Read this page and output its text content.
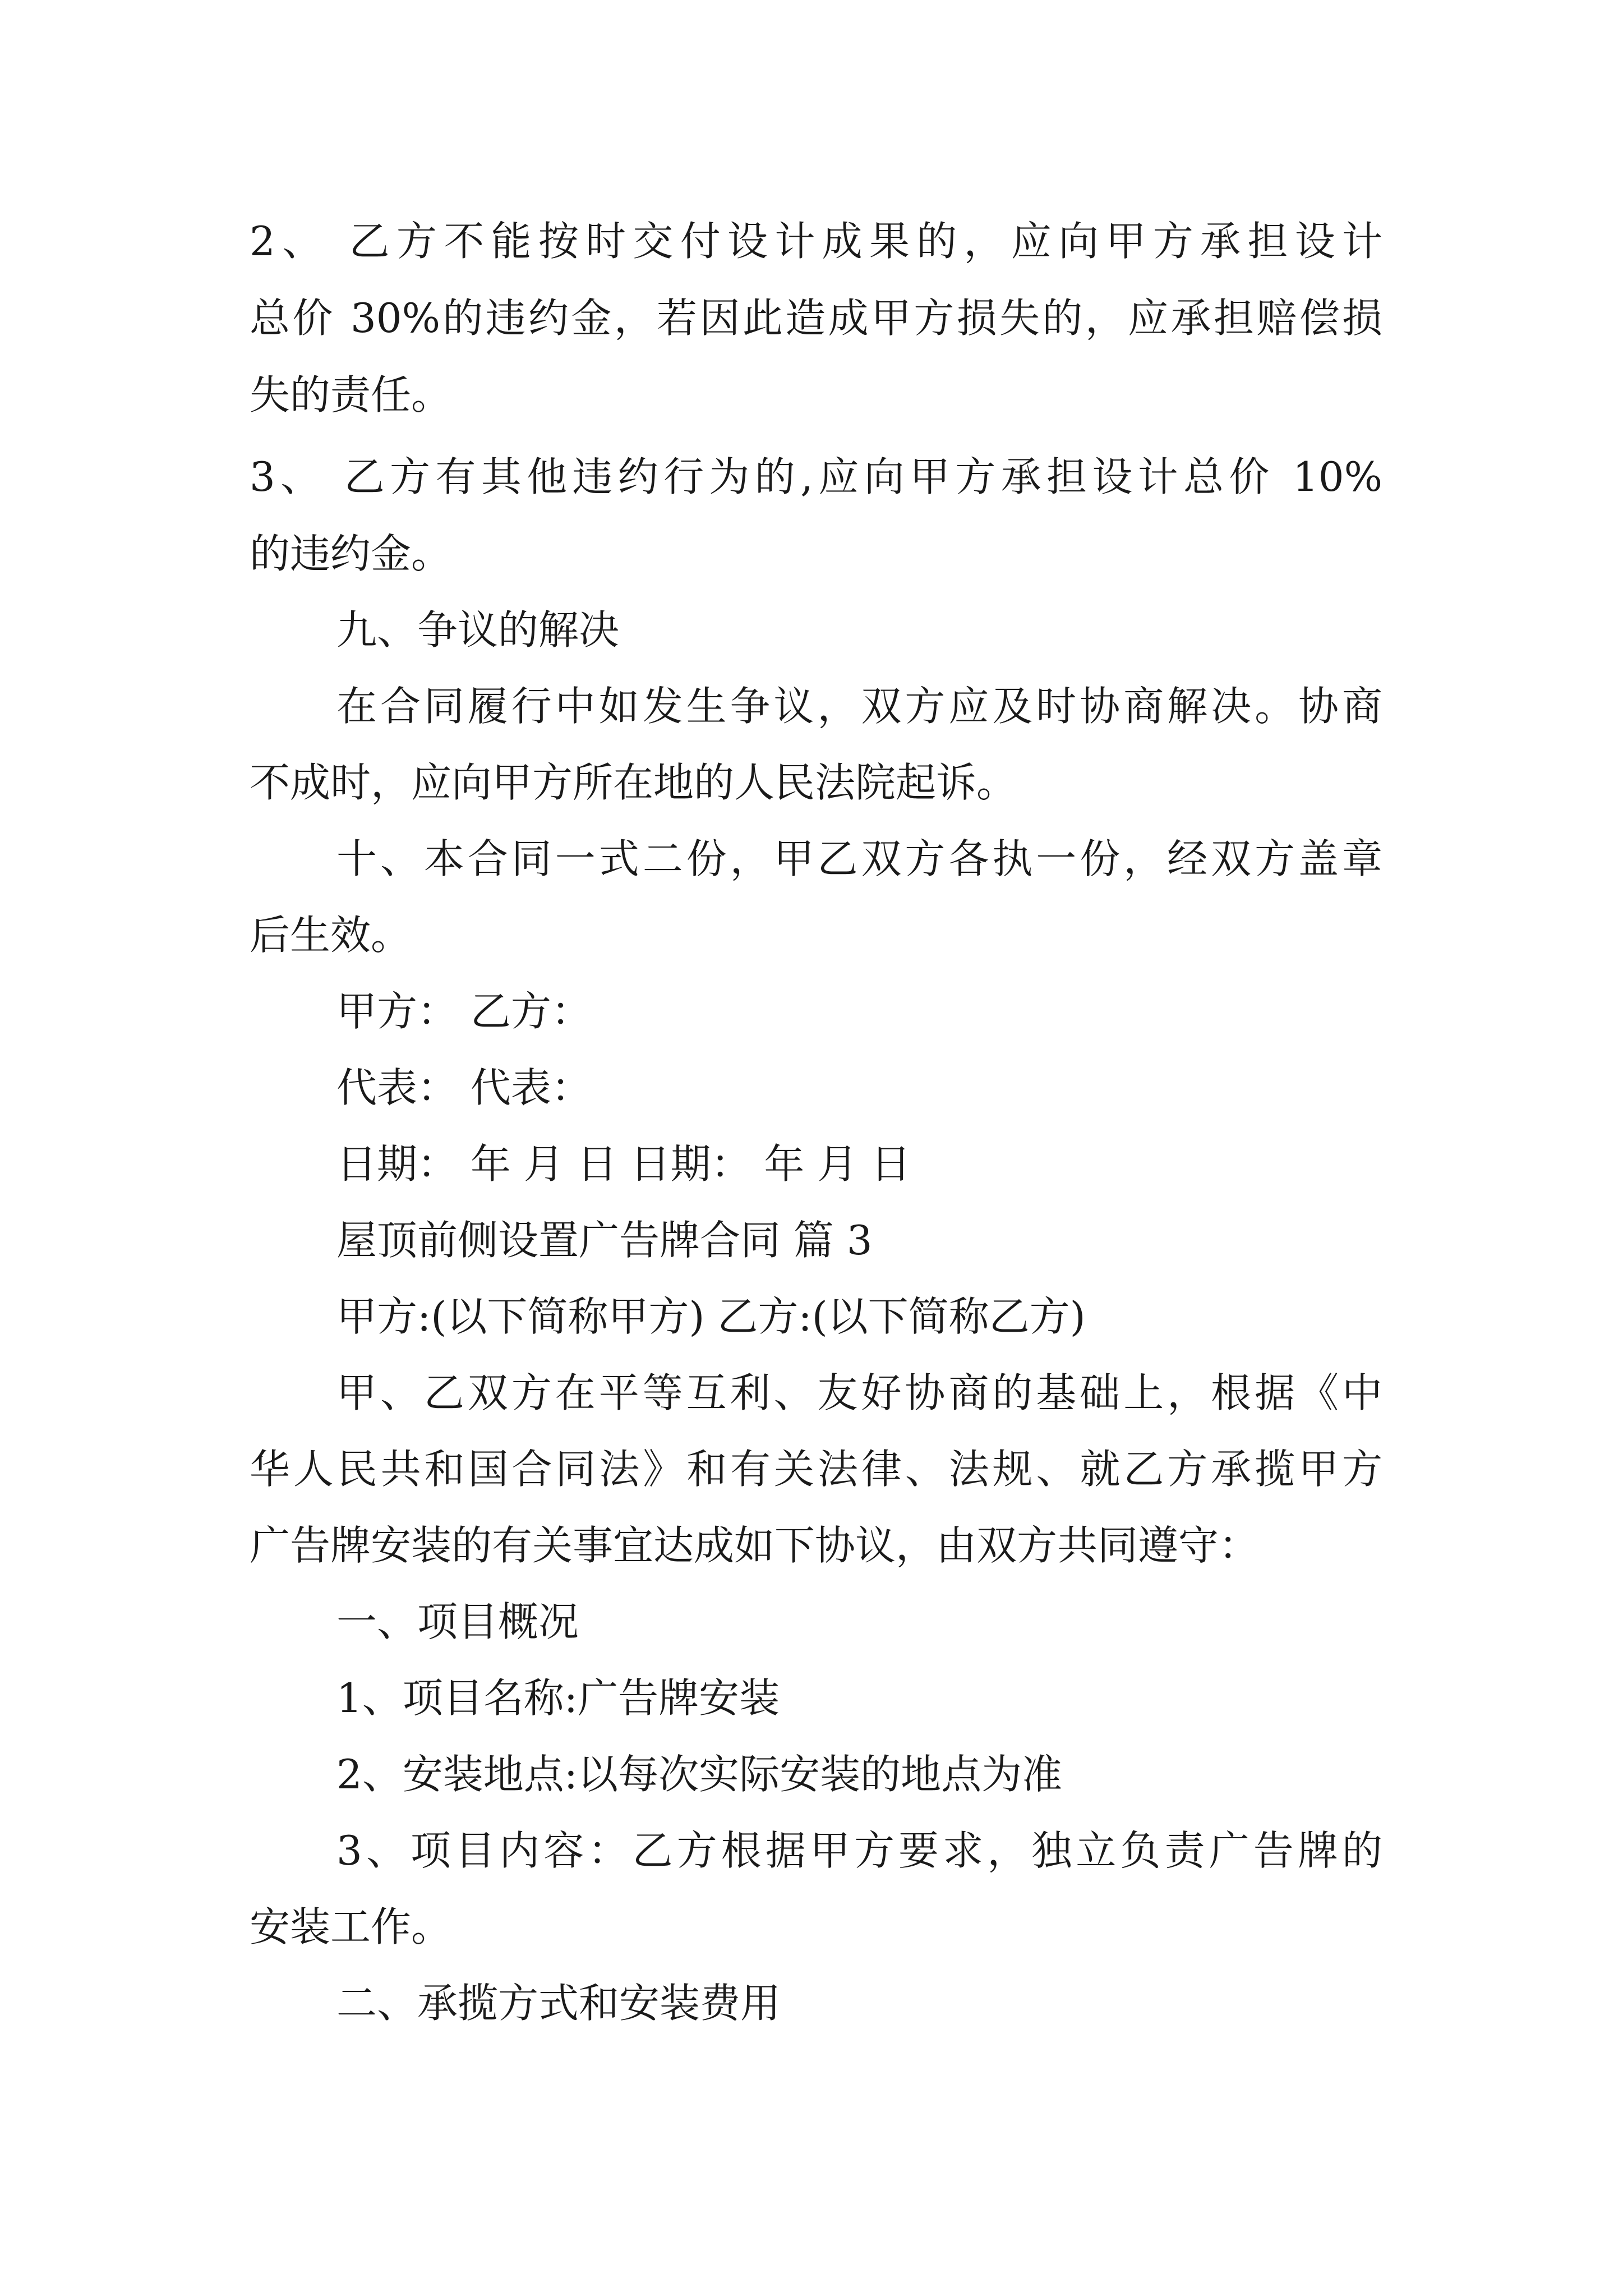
2、 乙方不能按时交付设计成果的，应向甲方承担设计

总价 30%的违约金，若因此造成甲方损失的，应承担赔偿损

失的责任。

3、 乙方有其他违约行为的,应向甲方承担设计总价 10%

的违约金。

九、争议的解决

在合同履行中如发生争议，双方应及时协商解决。协商

不成时，应向甲方所在地的人民法院起诉。

十、本合同一式二份，甲乙双方各执一份，经双方盖章

后生效。

甲方： 乙方：

代表： 代表：

日期： 年 月 日 日期： 年 月 日

屋顶前侧设置广告牌合同 篇 3

甲方:(以下简称甲方) 乙方:(以下简称乙方)

甲、乙双方在平等互利、友好协商的基础上，根据《中

华人民共和国合同法》和有关法律、法规、就乙方承揽甲方

广告牌安装的有关事宜达成如下协议，由双方共同遵守：

一、项目概况

1、项目名称:广告牌安装

2、安装地点:以每次实际安装的地点为准

3、项目内容：乙方根据甲方要求，独立负责广告牌的

安装工作。

二、承揽方式和安装费用
